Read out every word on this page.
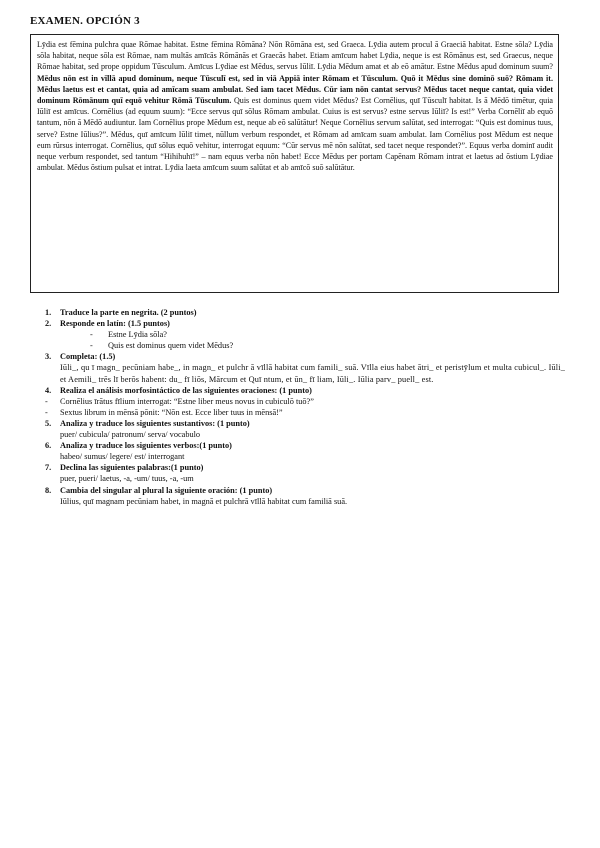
EXAMEN. OPCIÓN 3
Lȳdia est fēmina pulchra quae Rōmae habitat. Estne fēmina Rōmāna? Nōn Rōmāna est, sed Graeca. Lȳdia autem procul ā Graeciā habitat. Estne sōla? Lȳdia sōla habitat, neque sōla est Rōmae, nam multās amīcās Rōmānās et Graecās habet. Etiam amīcum habet Lȳdia, neque is est Rōmānus est, sed Graecus, neque Rōmae habitat, sed prope oppidum Tūsculum. Amīcus Lȳdiae est Mēdus, servus Iūliī. Lȳdia Mēdum amat et ab eō amātur. Estne Mēdus apud dominum suum? Mēdus nōn est in vīllā apud dominum, neque Tūsculī est, sed in viā Appiā inter Rōmam et Tūsculum. Quō it Mēdus sine dominō suō? Rōmam it. Mēdus laetus est et cantat, quia ad amīcam suam ambulat. Sed iam tacet Mēdus. Cūr iam nōn cantat servus? Mēdus tacet neque cantat, quia videt dominum Rōmānum quī equō vehitur Rōmā Tūsculum. Quis est dominus quem videt Mēdus? Est Cornēlius, quī Tūsculī habitat. Is ā Mēdō timētur, quia Iūliī est amīcus. Cornēlius (ad equum suum): “Ecce servus quī sōlus Rōmam ambulat. Cuius is est servus? estne servus Iūliī? Is est!” Verba Cornēliī ab equō tantum, nōn ā Mēdō audiuntur. Iam Cornēlius prope Mēdum est, neque ab eō salūtātur! Neque Cornēlius servum salūtat, sed interrogat: “Quis est dominus tuus, serve? Estne Iūlius?”. Mēdus, quī amīcum Iūliī timet, nūllum verbum respondet, et Rōmam ad amīcam suam ambulat. Iam Cornēlius post Mēdum est neque eum rūrsus interrogat. Cornēlius, quī sōlus equō vehitur, interrogat equum: “Cūr servus mē nōn salūtat, sed tacet neque respondet?”. Equus verba dominī audit neque verbum respondet, sed tantum “Hihihuhī!” – nam equus verba nōn habet! Ecce Mēdus per portam Capēnam Rōmam intrat et laetus ad ōstium Lȳdiae ambulat. Mēdus ōstium pulsat et intrat. Lȳdia laeta amīcum suum salūtat et ab amīcō suō salūtātur.
1.	Traduce la parte en negrita. (2 puntos)
2.	Responde en latín: (1.5 puntos)
-	Estne Lȳdia sōla?
-	Quis est dominus quem videt Mēdus?
3.	Completa: (1.5)
Iūli_, qu ī magn_ pecūniam habe_, in magn_ et pulchr ā vīllā habitat cum famili_ suā. Vīlla eius habet ātri_ et peristȳlum et multa cubicul_. Iūli_ et Aemili_ trēs lī berōs habent: du_ fī liōs, Mārcum et Quī ntum, et ūn_ fī liam, Iūli_. Iūlia parv_ puell_ est.
4.	Realiza el análisis morfosintáctico de las siguientes oraciones: (1 punto)
-	Cornēlius īrātus fīlium interrogat: “Estne liber meus novus in cubiculō tuō?”
-	Sextus librum in mēnsā pōnit: “Nōn est. Ecce liber tuus in mēnsā!”
5.	Analiza y traduce los siguientes sustantivos: (1 punto)
puer/ cubicula/ patronum/ serva/ vocabulo
6.	Analiza y traduce los siguientes verbos:(1 punto)
habeo/ sumus/ legere/ est/ interrogant
7.	Declina las siguientes palabras:(1 punto)
puer, pueri/ laetus, -a, -um/ tuus, -a, -um
8.	Cambia del singular al plural la siguiente oración: (1 punto)
Iūlius, quī magnam pecūniam habet, in magnā et pulchrā vīllā habitat cum familiā suā.
